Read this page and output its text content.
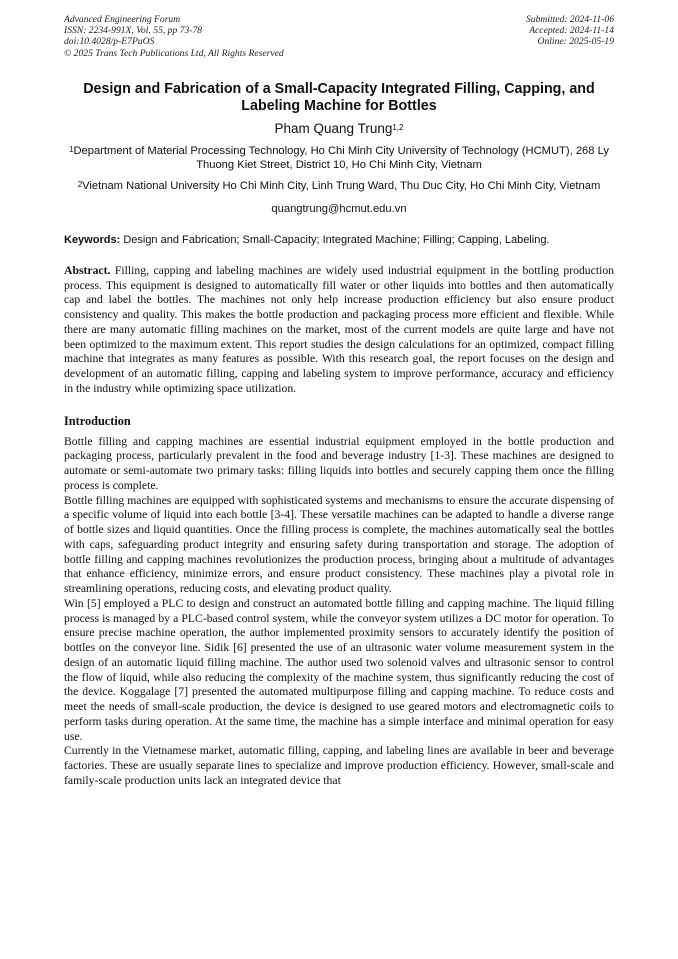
Advanced Engineering Forum
ISSN: 2234-991X, Vol. 55, pp 73-78
doi:10.4028/p-E7PuOS
© 2025 Trans Tech Publications Ltd, All Rights Reserved
Submitted: 2024-11-06
Accepted: 2024-11-14
Online: 2025-05-19
Design and Fabrication of a Small-Capacity Integrated Filling, Capping, and Labeling Machine for Bottles
Pham Quang Trung$^{1,2}$
$^1$Department of Material Processing Technology, Ho Chi Minh City University of Technology (HCMUT), 268 Ly Thuong Kiet Street, District 10, Ho Chi Minh City, Vietnam
$^2$Vietnam National University Ho Chi Minh City, Linh Trung Ward, Thu Duc City, Ho Chi Minh City, Vietnam
quangtrung@hcmut.edu.vn
Keywords: Design and Fabrication; Small-Capacity; Integrated Machine; Filling; Capping, Labeling.
Abstract. Filling, capping and labeling machines are widely used industrial equipment in the bottling production process. This equipment is designed to automatically fill water or other liquids into bottles and then automatically cap and label the bottles. The machines not only help increase production efficiency but also ensure product consistency and quality. This makes the bottle production and packaging process more efficient and flexible. While there are many automatic filling machines on the market, most of the current models are quite large and have not been optimized to the maximum extent. This report studies the design calculations for an optimized, compact filling machine that integrates as many features as possible. With this research goal, the report focuses on the design and development of an automatic filling, capping and labeling system to improve performance, accuracy and efficiency in the industry while optimizing space utilization.
Introduction
Bottle filling and capping machines are essential industrial equipment employed in the bottle production and packaging process, particularly prevalent in the food and beverage industry [1-3]. These machines are designed to automate or semi-automate two primary tasks: filling liquids into bottles and securely capping them once the filling process is complete.
Bottle filling machines are equipped with sophisticated systems and mechanisms to ensure the accurate dispensing of a specific volume of liquid into each bottle [3-4]. These versatile machines can be adapted to handle a diverse range of bottle sizes and liquid quantities. Once the filling process is complete, the machines automatically seal the bottles with caps, safeguarding product integrity and ensuring safety during transportation and storage. The adoption of bottle filling and capping machines revolutionizes the production process, bringing about a multitude of advantages that enhance efficiency, minimize errors, and ensure product consistency. These machines play a pivotal role in streamlining operations, reducing costs, and elevating product quality.
Win [5] employed a PLC to design and construct an automated bottle filling and capping machine. The liquid filling process is managed by a PLC-based control system, while the conveyor system utilizes a DC motor for operation. To ensure precise machine operation, the author implemented proximity sensors to accurately identify the position of bottles on the conveyor line. Sidik [6] presented the use of an ultrasonic water volume measurement system in the design of an automatic liquid filling machine. The author used two solenoid valves and ultrasonic sensor to control the flow of liquid, while also reducing the complexity of the machine system, thus significantly reducing the cost of the device. Koggalage [7] presented the automated multipurpose filling and capping machine. To reduce costs and meet the needs of small-scale production, the device is designed to use geared motors and electromagnetic coils to perform tasks during operation. At the same time, the machine has a simple interface and minimal operation for easy use.
Currently in the Vietnamese market, automatic filling, capping, and labeling lines are available in beer and beverage factories. These are usually separate lines to specialize and improve production efficiency. However, small-scale and family-scale production units lack an integrated device that
